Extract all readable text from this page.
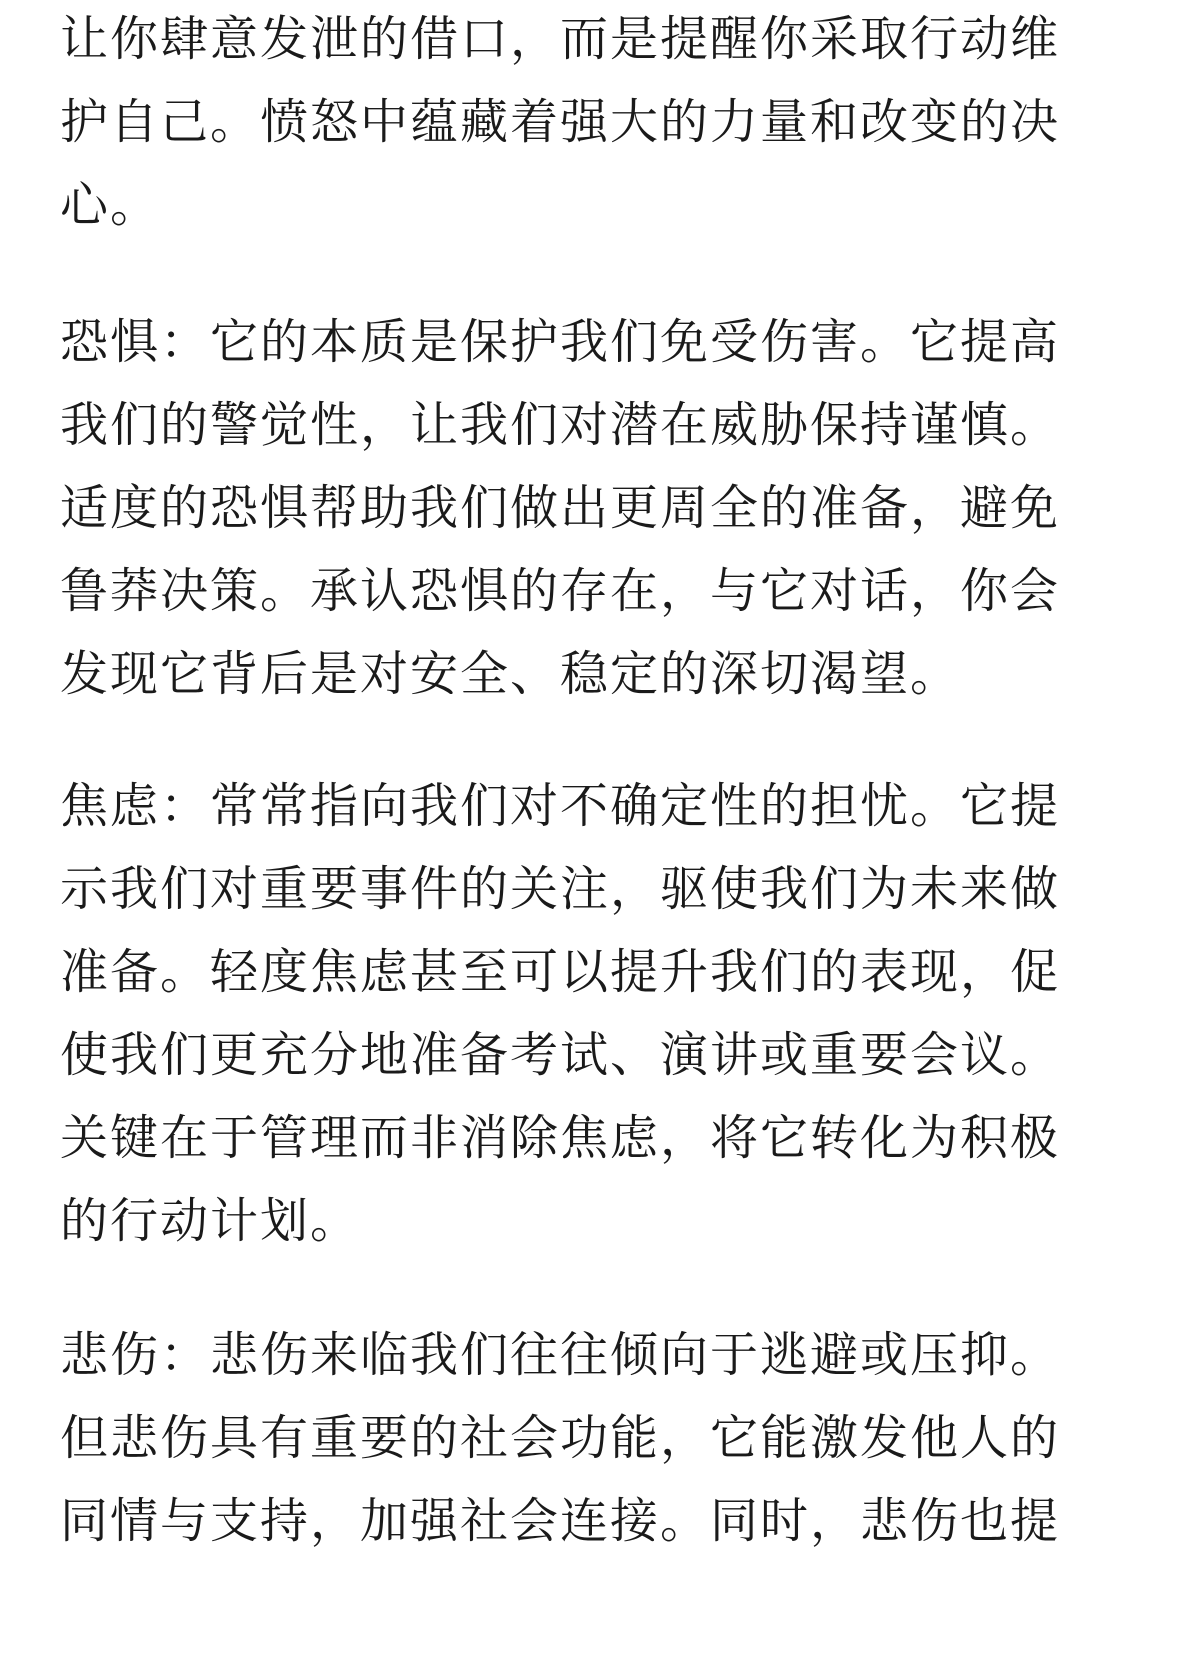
让你肆意发泄的借口，而是提醒你采取行动维
护自己。愤怒中蕴藏着强大的力量和改变的决
心。
恐惧：它的本质是保护我们免受伤害。它提高
我们的警觉性，让我们对潜在威胁保持谨慎。
适度的恐惧帮助我们做出更周全的准备，避免
鲁莽决策。承认恐惧的存在，与它对话，你会
发现它背后是对安全、稳定的深切渴望。
焦虑：常常指向我们对不确定性的担忧。它提
示我们对重要事件的关注，驱使我们为未来做
准备。轻度焦虑甚至可以提升我们的表现，促
使我们更充分地准备考试、演讲或重要会议。
关键在于管理而非消除焦虑，将它转化为积极
的行动计划。
悲伤：悲伤来临我们往往倾向于逃避或压抑。
但悲伤具有重要的社会功能，它能激发他人的
同情与支持，加强社会连接。同时，悲伤也提
